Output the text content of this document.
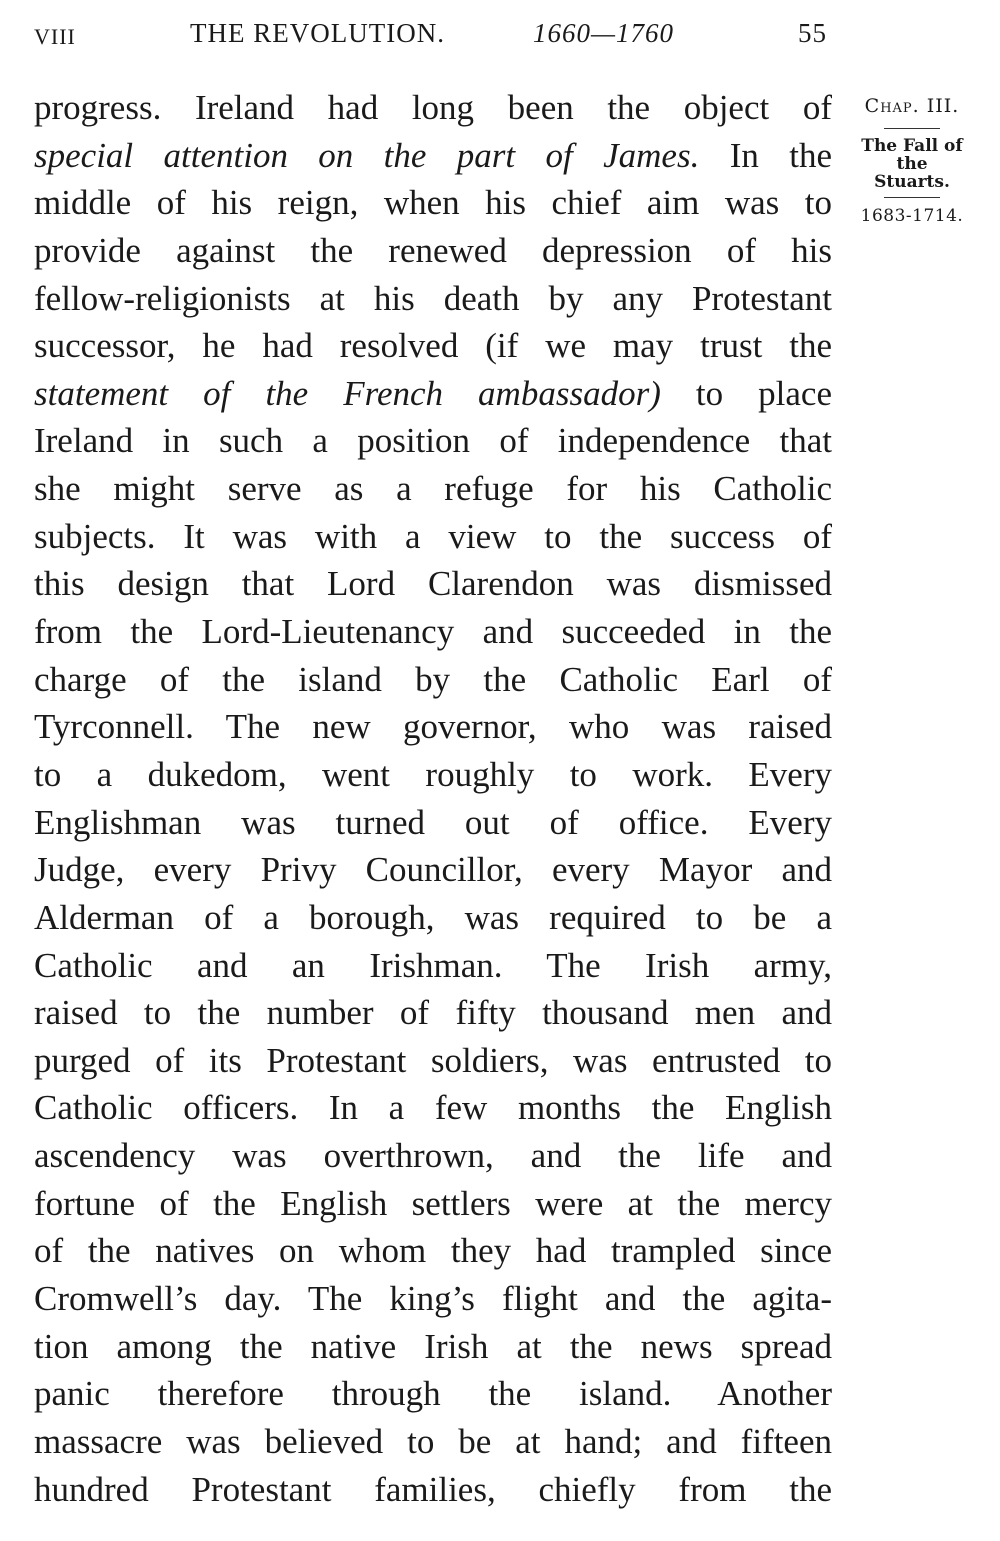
VIII	THE REVOLUTION.	1660—1760	55
progress. Ireland had long been the object of
special attention on the part of James. In the
middle of his reign, when his chief aim was to
provide against the renewed depression of his
fellow-religionists at his death by any Protestant
successor, he had resolved (if we may trust the
statement of the French ambassador) to place
Ireland in such a position of independence that
she might serve as a refuge for his Catholic
subjects. It was with a view to the success of
this design that Lord Clarendon was dismissed
from the Lord-Lieutenancy and succeeded in the
charge of the island by the Catholic Earl of
Tyrconnell. The new governor, who was raised
to a dukedom, went roughly to work. Every
Englishman was turned out of office. Every
Judge, every Privy Councillor, every Mayor and
Alderman of a borough, was required to be a
Catholic and an Irishman. The Irish army,
raised to the number of fifty thousand men and
purged of its Protestant soldiers, was entrusted to
Catholic officers. In a few months the English
ascendency was overthrown, and the life and
fortune of the English settlers were at the mercy
of the natives on whom they had trampled since
Cromwell’s day. The king’s flight and the agita-
tion among the native Irish at the news spread
panic therefore through the island. Another
massacre was believed to be at hand; and fifteen
hundred Protestant families, chiefly from the
Chap. III.
The Fall of the Stuarts.
1683-1714.
